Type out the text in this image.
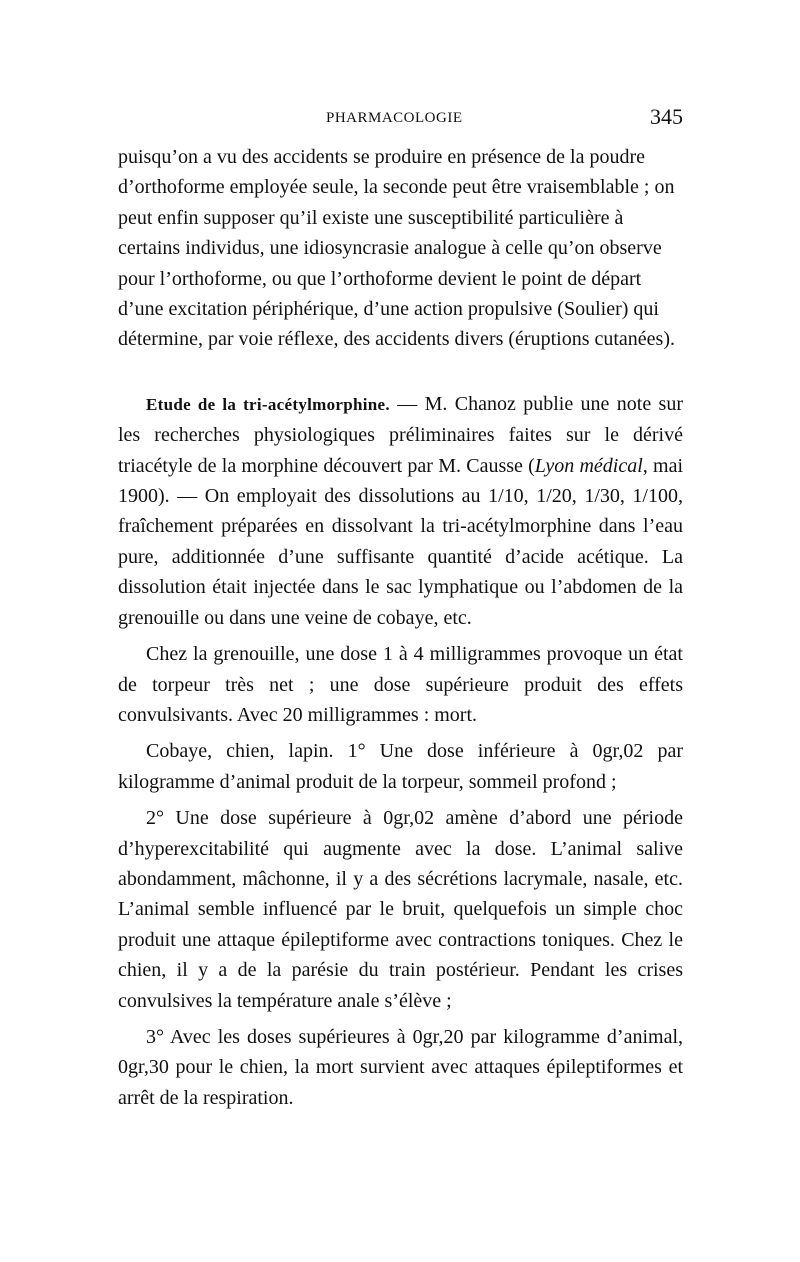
PHARMACOLOGIE	345

puisqu’on a vu des accidents se produire en présence de la poudre d’orthoforme employée seule, la seconde peut être vraisemblable ; on peut enfin supposer qu’il existe une susceptibilité particulière à certains individus, une idiosyncrasie analogue à celle qu’on observe pour l’orthoforme, ou que l’orthoforme devient le point de départ d’une excitation périphérique, d’une action propulsive (Soulier) qui détermine, par voie réflexe, des accidents divers (éruptions cutanées).

Etude de la tri-acétylmorphine. — M. Chanoz publie une note sur les recherches physiologiques préliminaires faites sur le dérivé triacétyle de la morphine découvert par M. Causse (Lyon médical, mai 1900). — On employait des dissolutions au 1/10, 1/20, 1/30, 1/100, fraîchement préparées en dissolvant la tri-acétylmorphine dans l’eau pure, additionnée d’une suffisante quantité d’acide acétique. La dissolution était injectée dans le sac lymphatique ou l’abdomen de la grenouille ou dans une veine de cobaye, etc.

Chez la grenouille, une dose 1 à 4 milligrammes provoque un état de torpeur très net ; une dose supérieure produit des effets convulsivants. Avec 20 milligrammes : mort.

Cobaye, chien, lapin. 1° Une dose inférieure à 0gr,02 par kilogramme d’animal produit de la torpeur, sommeil profond ;

2° Une dose supérieure à 0gr,02 amène d’abord une période d’hyperexcitabilité qui augmente avec la dose. L’animal salive abondamment, mâchonne, il y a des sécrétions lacrymale, nasale, etc. L’animal semble influencé par le bruit, quelquefois un simple choc produit une attaque épileptiforme avec contractions toniques. Chez le chien, il y a de la parésie du train postérieur. Pendant les crises convulsives la température anale s’élève ;

3° Avec les doses supérieures à 0gr,20 par kilogramme d’animal, 0gr,30 pour le chien, la mort survient avec attaques épileptiformes et arrêt de la respiration.
